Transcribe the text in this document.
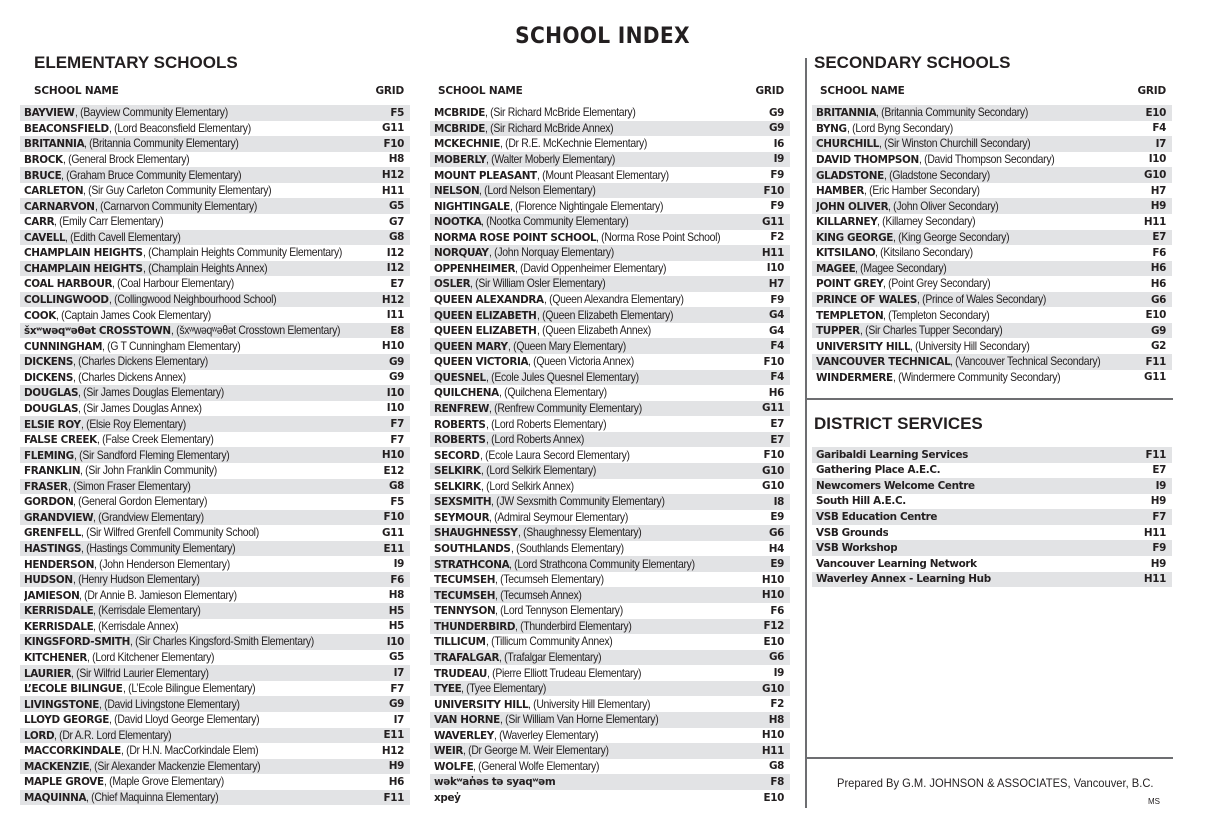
SCHOOL INDEX
ELEMENTARY SCHOOLS
SCHOOL NAME	GRID
BAYVIEW, (Bayview Community Elementary)	F5
BEACONSFIELD, (Lord Beaconsfield Elementary)	G11
BRITANNIA, (Britannia Community Elementary)	F10
BROCK, (General Brock Elementary)	H8
BRUCE, (Graham Bruce Community Elementary)	H12
CARLETON, (Sir Guy Carleton Community Elementary)	H11
CARNARVON, (Carnarvon Community Elementary)	G5
CARR, (Emily Carr Elementary)	G7
CAVELL, (Edith Cavell Elementary)	G8
CHAMPLAIN HEIGHTS, (Champlain Heights Community Elementary)	I12
CHAMPLAIN HEIGHTS, (Champlain Heights Annex)	I12
COAL HARBOUR, (Coal Harbour Elementary)	E7
COLLINGWOOD, (Collingwood Neighbourhood School)	H12
COOK, (Captain James Cook Elementary)	I11
šxʷwəqʷəθət CROSSTOWN, (šxʷwəqʷəθət Crosstown Elementary)	E8
CUNNINGHAM, (G T Cunningham Elementary)	H10
DICKENS, (Charles Dickens Elementary)	G9
DICKENS, (Charles Dickens Annex)	G9
DOUGLAS, (Sir James Douglas Elementary)	I10
DOUGLAS, (Sir James Douglas Annex)	I10
ELSIE ROY, (Elsie Roy Elementary)	F7
FALSE CREEK, (False Creek Elementary)	F7
FLEMING, (Sir Sandford Fleming Elementary)	H10
FRANKLIN, (Sir John Franklin Community)	E12
FRASER, (Simon Fraser Elementary)	G8
GORDON, (General Gordon Elementary)	F5
GRANDVIEW, (Grandview Elementary)	F10
GRENFELL, (Sir Wilfred Grenfell Community School)	G11
HASTINGS, (Hastings Community Elementary)	E11
HENDERSON, (John Henderson Elementary)	I9
HUDSON, (Henry Hudson Elementary)	F6
JAMIESON, (Dr Annie B. Jamieson Elementary)	H8
KERRISDALE, (Kerrisdale Elementary)	H5
KERRISDALE, (Kerrisdale Annex)	H5
KINGSFORD-SMITH, (Sir Charles Kingsford-Smith Elementary)	I10
KITCHENER, (Lord Kitchener Elementary)	G5
LAURIER, (Sir Wilfrid Laurier Elementary)	I7
L’ECOLE BILINGUE, (L’Ecole Bilingue Elementary)	F7
LIVINGSTONE, (David Livingstone Elementary)	G9
LLOYD GEORGE, (David Lloyd George Elementary)	I7
LORD, (Dr A.R. Lord Elementary)	E11
MACCORKINDALE, (Dr H.N. MacCorkindale Elem)	H12
MACKENZIE, (Sir Alexander Mackenzie Elementary)	H9
MAPLE GROVE, (Maple Grove Elementary)	H6
MAQUINNA, (Chief Maquinna Elementary)	F11
SCHOOL NAME	GRID
MCBRIDE, (Sir Richard McBride Elementary)	G9
MCBRIDE, (Sir Richard McBride Annex)	G9
MCKECHNIE, (Dr R.E. McKechnie Elementary)	I6
MOBERLY, (Walter Moberly Elementary)	I9
MOUNT PLEASANT, (Mount Pleasant Elementary)	F9
NELSON, (Lord Nelson Elementary)	F10
NIGHTINGALE, (Florence Nightingale Elementary)	F9
NOOTKA, (Nootka Community Elementary)	G11
NORMA ROSE POINT SCHOOL, (Norma Rose Point School)	F2
NORQUAY, (John Norquay Elementary)	H11
OPPENHEIMER, (David Oppenheimer Elementary)	I10
OSLER, (Sir William Osler Elementary)	H7
QUEEN ALEXANDRA, (Queen Alexandra Elementary)	F9
QUEEN ELIZABETH, (Queen Elizabeth Elementary)	G4
QUEEN ELIZABETH, (Queen Elizabeth Annex)	G4
QUEEN MARY, (Queen Mary Elementary)	F4
QUEEN VICTORIA, (Queen Victoria Annex)	F10
QUESNEL, (Ecole Jules Quesnel Elementary)	F4
QUILCHENA, (Quilchena Elementary)	H6
RENFREW, (Renfrew Community Elementary)	G11
ROBERTS, (Lord Roberts Elementary)	E7
ROBERTS, (Lord Roberts Annex)	E7
SECORD, (Ecole Laura Secord Elementary)	F10
SELKIRK, (Lord Selkirk Elementary)	G10
SELKIRK, (Lord Selkirk Annex)	G10
SEXSMITH, (JW Sexsmith Community Elementary)	I8
SEYMOUR, (Admiral Seymour Elementary)	E9
SHAUGHNESSY, (Shaughnessy Elementary)	G6
SOUTHLANDS, (Southlands Elementary)	H4
STRATHCONA, (Lord Strathcona Community Elementary)	E9
TECUMSEH, (Tecumseh Elementary)	H10
TECUMSEH, (Tecumseh Annex)	H10
TENNYSON, (Lord Tennyson Elementary)	F6
THUNDERBIRD, (Thunderbird Elementary)	F12
TILLICUM, (Tillicum Community Annex)	E10
TRAFALGAR, (Trafalgar Elementary)	G6
TRUDEAU, (Pierre Elliott Trudeau Elementary)	I9
TYEE, (Tyee Elementary)	G10
UNIVERSITY HILL, (University Hill Elementary)	F2
VAN HORNE, (Sir William Van Horne Elementary)	H8
WAVERLEY, (Waverley Elementary)	H10
WEIR, (Dr George M. Weir Elementary)	H11
WOLFE, (General Wolfe Elementary)	G8
wək̓ʷan̓əs tə syaqʷəm	F8
xpey̓	E10
SECONDARY SCHOOLS
SCHOOL NAME	GRID
BRITANNIA, (Britannia Community Secondary)	E10
BYNG, (Lord Byng Secondary)	F4
CHURCHILL, (Sir Winston Churchill Secondary)	I7
DAVID THOMPSON, (David Thompson Secondary)	I10
GLADSTONE, (Gladstone Secondary)	G10
HAMBER, (Eric Hamber Secondary)	H7
JOHN OLIVER, (John Oliver Secondary)	H9
KILLARNEY, (Killarney Secondary)	H11
KING GEORGE, (King George Secondary)	E7
KITSILANO, (Kitsilano Secondary)	F6
MAGEE, (Magee Secondary)	H6
POINT GREY, (Point Grey Secondary)	H6
PRINCE OF WALES, (Prince of Wales Secondary)	G6
TEMPLETON, (Templeton Secondary)	E10
TUPPER, (Sir Charles Tupper Secondary)	G9
UNIVERSITY HILL, (University Hill Secondary)	G2
VANCOUVER TECHNICAL, (Vancouver Technical Secondary)	F11
WINDERMERE, (Windermere Community Secondary)	G11
DISTRICT SERVICES
Garibaldi Learning Services	F11
Gathering Place A.E.C.	E7
Newcomers Welcome Centre	I9
South Hill A.E.C.	H9
VSB Education Centre	F7
VSB Grounds	H11
VSB Workshop	F9
Vancouver Learning Network	H9
Waverley Annex - Learning Hub	H11
Prepared By G.M. JOHNSON & ASSOCIATES, Vancouver, B.C.
MS
